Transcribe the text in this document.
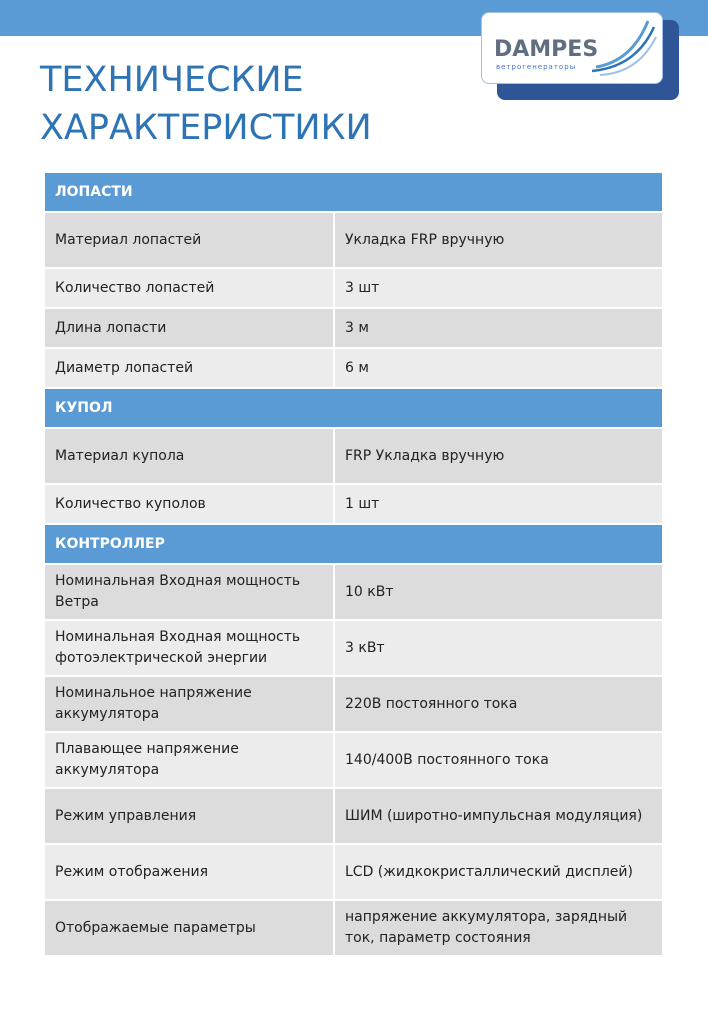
DAMPES
ветрогенераторы
ТЕХНИЧЕСКИЕ
ХАРАКТЕРИСТИКИ
ЛОПАСТИ	
Материал лопастей	Укладка FRP вручную
Количество лопастей	3 шт
Длина лопасти	3 м
Диаметр лопастей	6 м
КУПОЛ	
Материал купола	FRP Укладка вручную
Количество куполов	1 шт
КОНТРОЛЛЕР	
Номинальная Входная мощность Ветра	10 кВт
Номинальная Входная мощность фотоэлектрической энергии	3 кВт
Номинальное напряжение аккумулятора	220В постоянного тока
Плавающее напряжение аккумулятора	140/400В постоянного тока
Режим управления	ШИМ (широтно-импульсная модуляция)
Режим отображения	LCD (жидкокристаллический дисплей)
Отображаемые параметры	напряжение аккумулятора, зарядный ток, параметр состояния
